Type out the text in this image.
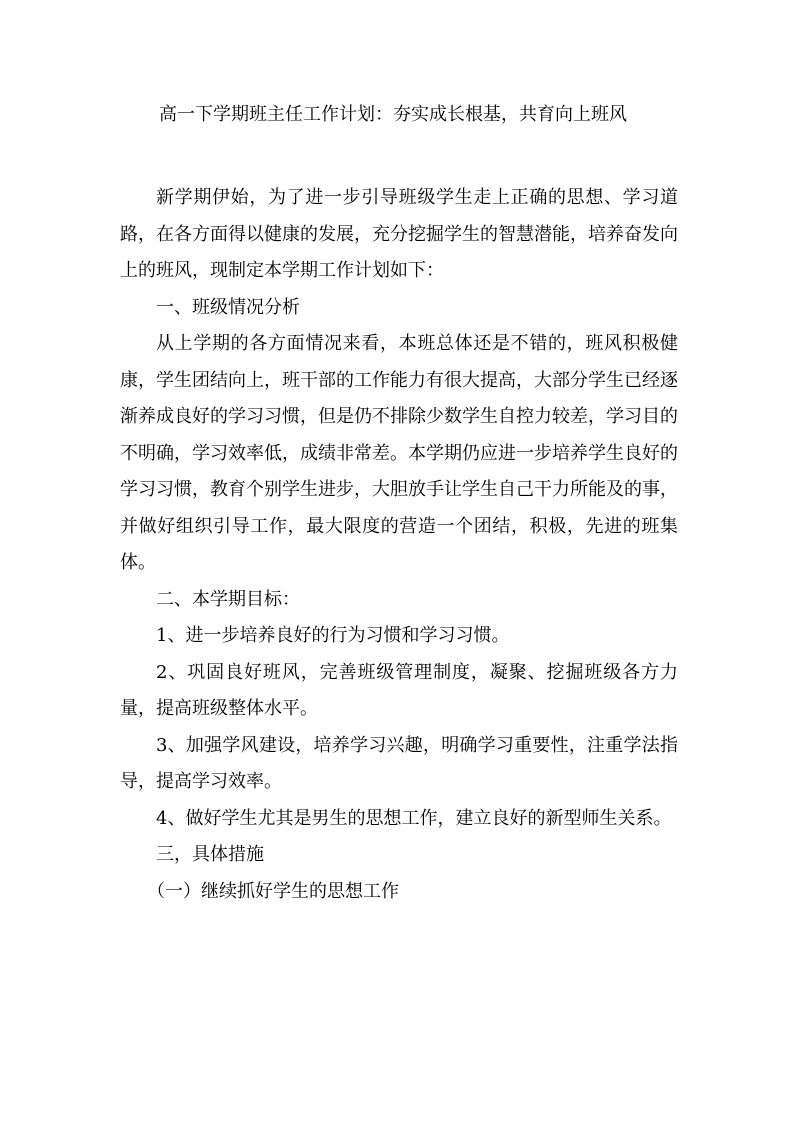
高一下学期班主任工作计划：夯实成长根基，共育向上班风

新学期伊始，为了进一步引导班级学生走上正确的思想、学习道路，在各方面得以健康的发展，充分挖掘学生的智慧潜能，培养奋发向上的班风，现制定本学期工作计划如下：

一、班级情况分析

从上学期的各方面情况来看，本班总体还是不错的，班风积极健康，学生团结向上，班干部的工作能力有很大提高，大部分学生已经逐渐养成良好的学习习惯，但是仍不排除少数学生自控力较差，学习目的不明确，学习效率低，成绩非常差。本学期仍应进一步培养学生良好的学习习惯，教育个别学生进步，大胆放手让学生自己干力所能及的事，并做好组织引导工作，最大限度的营造一个团结，积极，先进的班集体。

二、本学期目标：

1、进一步培养良好的行为习惯和学习习惯。

2、巩固良好班风，完善班级管理制度，凝聚、挖掘班级各方力量，提高班级整体水平。

3、加强学风建设，培养学习兴趣，明确学习重要性，注重学法指导，提高学习效率。

4、做好学生尤其是男生的思想工作，建立良好的新型师生关系。

三，具体措施

（一）继续抓好学生的思想工作
